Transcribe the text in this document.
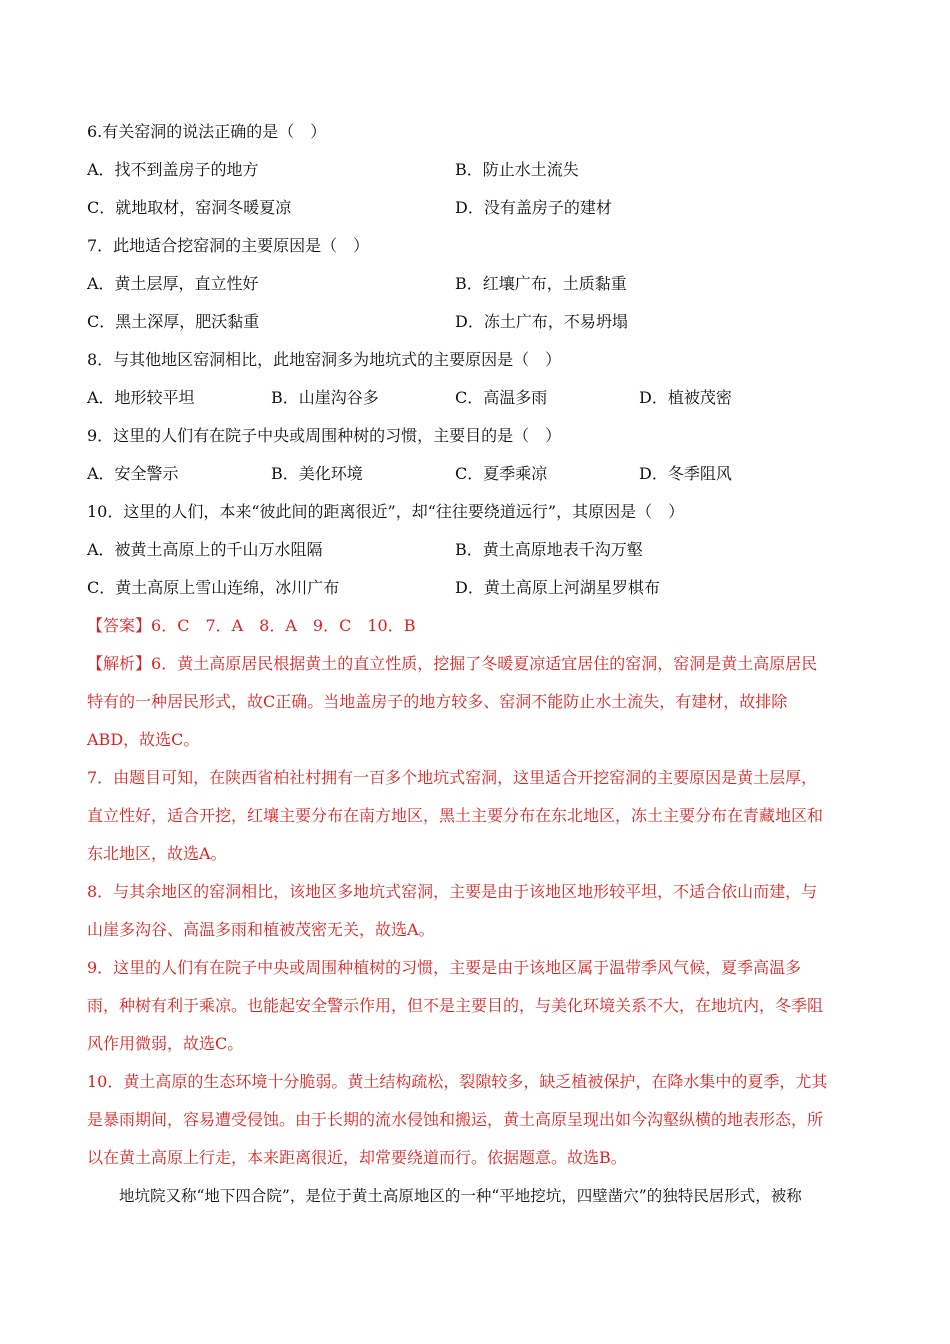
6.有关窑洞的说法正确的是（　）
A．找不到盖房子的地方	B．防止水土流失
C．就地取材，窑洞冬暖夏凉	D．没有盖房子的建材
7．此地适合挖窑洞的主要原因是（　）
A．黄土层厚，直立性好	B．红壤广布，土质黏重
C．黑土深厚，肥沃黏重	D．冻土广布，不易坍塌
8．与其他地区窑洞相比，此地窑洞多为地坑式的主要原因是（　）
A．地形较平坦	B．山崖沟谷多	C．高温多雨	D．植被茂密
9．这里的人们有在院子中央或周围种树的习惯，主要目的是（　）
A．安全警示	B．美化环境	C．夏季乘凉	D．冬季阻风
10．这里的人们，本来“彼此间的距离很近”，却“往往要绕道远行”，其原因是（　）
A．被黄土高原上的千山万水阻隔	B．黄土高原地表千沟万壑
C．黄土高原上雪山连绵，冰川广布	D．黄土高原上河湖星罗棋布
【答案】6．C　7．A　8．A　9．C　10．B
【解析】6．黄土高原居民根据黄土的直立性质，挖掘了冬暖夏凉适宜居住的窑洞，窑洞是黄土高原居民
特有的一种居民形式，故C正确。当地盖房子的地方较多、窑洞不能防止水土流失，有建材，故排除
ABD，故选C。
7．由题目可知，在陕西省柏社村拥有一百多个地坑式窑洞，这里适合开挖窑洞的主要原因是黄土层厚，
直立性好，适合开挖，红壤主要分布在南方地区，黑土主要分布在东北地区，冻土主要分布在青藏地区和
东北地区，故选A。
8．与其余地区的窑洞相比，该地区多地坑式窑洞，主要是由于该地区地形较平坦，不适合依山而建，与
山崖多沟谷、高温多雨和植被茂密无关，故选A。
9．这里的人们有在院子中央或周围种植树的习惯，主要是由于该地区属于温带季风气候，夏季高温多
雨，种树有利于乘凉。也能起安全警示作用，但不是主要目的，与美化环境关系不大，在地坑内，冬季阻
风作用微弱，故选C。
10．黄土高原的生态环境十分脆弱。黄土结构疏松，裂隙较多，缺乏植被保护，在降水集中的夏季，尤其
是暴雨期间，容易遭受侵蚀。由于长期的流水侵蚀和搬运，黄土高原呈现出如今沟壑纵横的地表形态，所
以在黄土高原上行走，本来距离很近，却常要绕道而行。依据题意。故选B。
地坑院又称“地下四合院”，是位于黄土高原地区的一种“平地挖坑，四壁凿穴”的独特民居形式，被称
